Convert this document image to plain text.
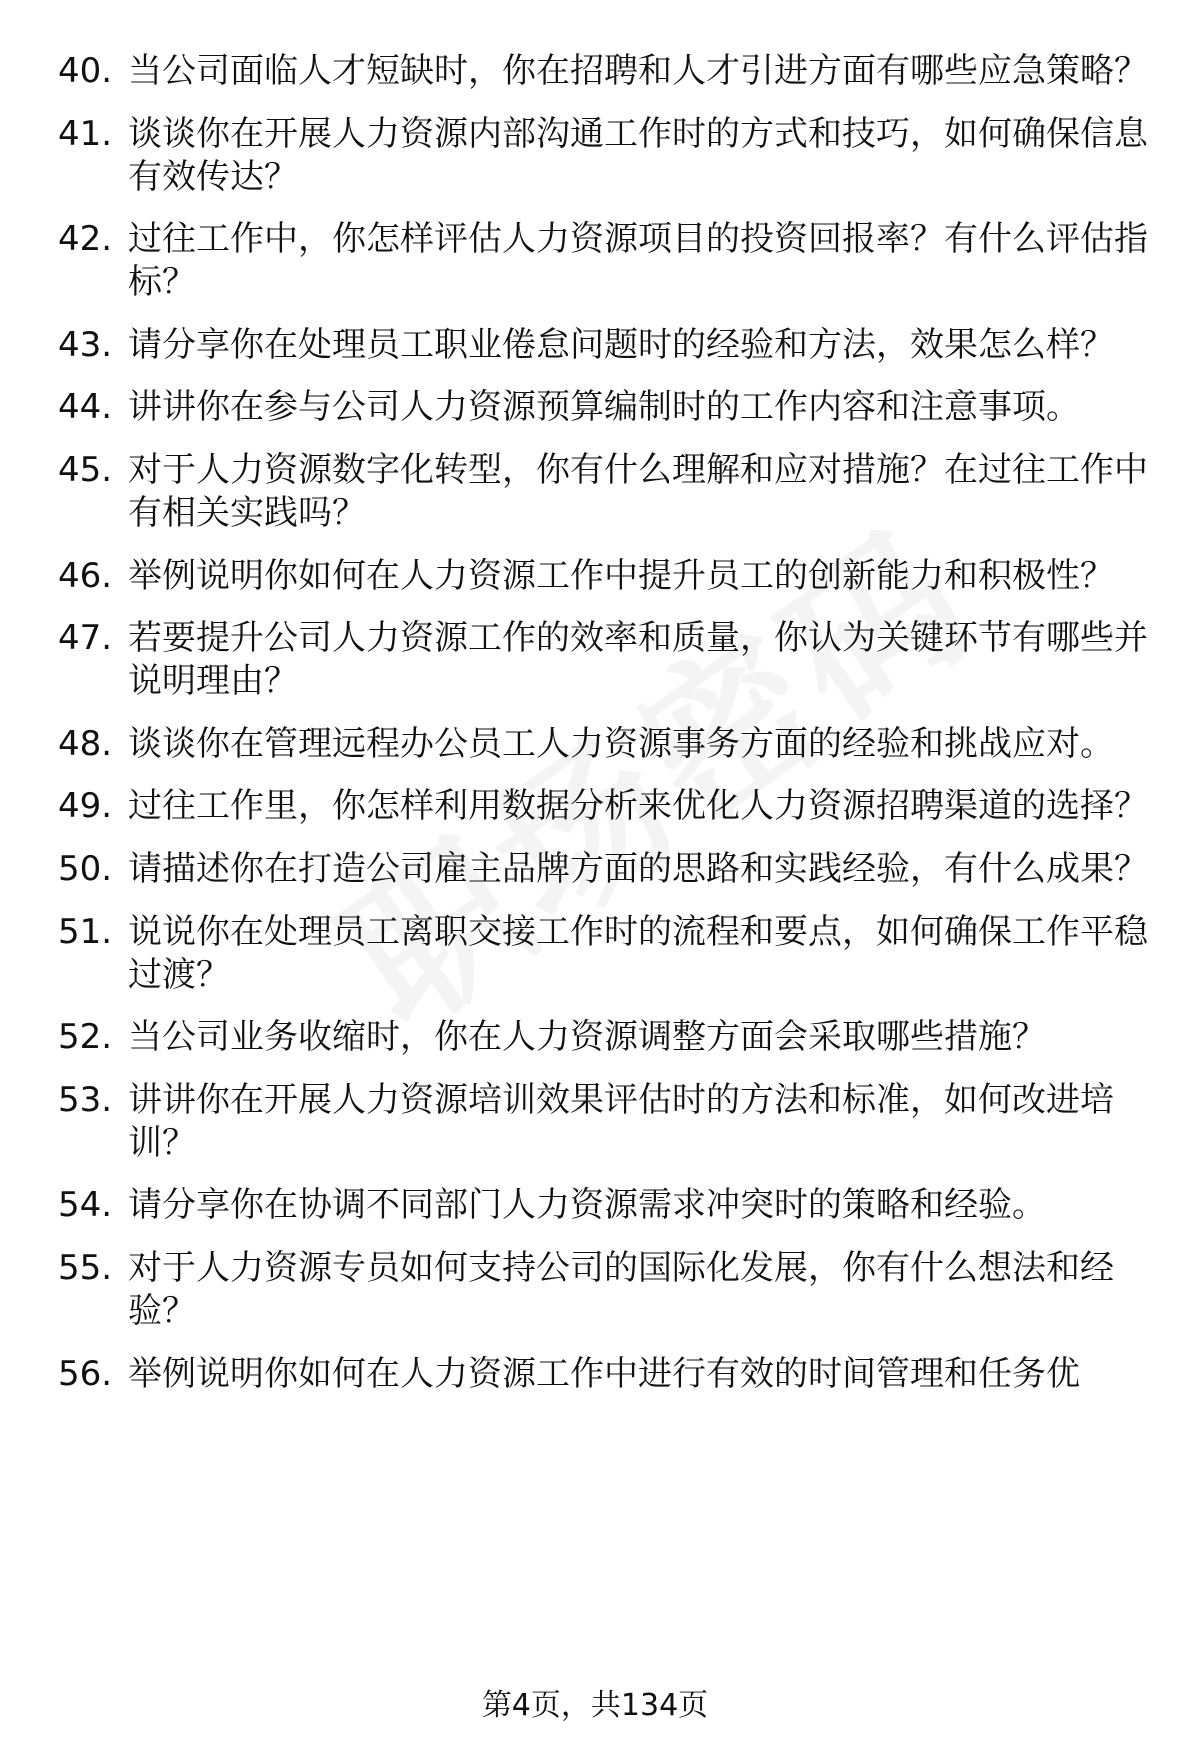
40. 当公司面临人才短缺时，你在招聘和人才引进方面有哪些应急策略？
41. 谈谈你在开展人力资源内部沟通工作时的方式和技巧，如何确保信息有效传达？
42. 过往工作中，你怎样评估人力资源项目的投资回报率？有什么评估指标？
43. 请分享你在处理员工职业倦怠问题时的经验和方法，效果怎么样？
44. 讲讲你在参与公司人力资源预算编制时的工作内容和注意事项。
45. 对于人力资源数字化转型，你有什么理解和应对措施？在过往工作中有相关实践吗？
46. 举例说明你如何在人力资源工作中提升员工的创新能力和积极性？
47. 若要提升公司人力资源工作的效率和质量，你认为关键环节有哪些并说明理由？
48. 谈谈你在管理远程办公员工人力资源事务方面的经验和挑战应对。
49. 过往工作里，你怎样利用数据分析来优化人力资源招聘渠道的选择？
50. 请描述你在打造公司雇主品牌方面的思路和实践经验，有什么成果？
51. 说说你在处理员工离职交接工作时的流程和要点，如何确保工作平稳过渡？
52. 当公司业务收缩时，你在人力资源调整方面会采取哪些措施？
53. 讲讲你在开展人力资源培训效果评估时的方法和标准，如何改进培训？
54. 请分享你在协调不同部门人力资源需求冲突时的策略和经验。
55. 对于人力资源专员如何支持公司的国际化发展，你有什么想法和经验？
56. 举例说明你如何在人力资源工作中进行有效的时间管理和任务优
第4页，共134页
